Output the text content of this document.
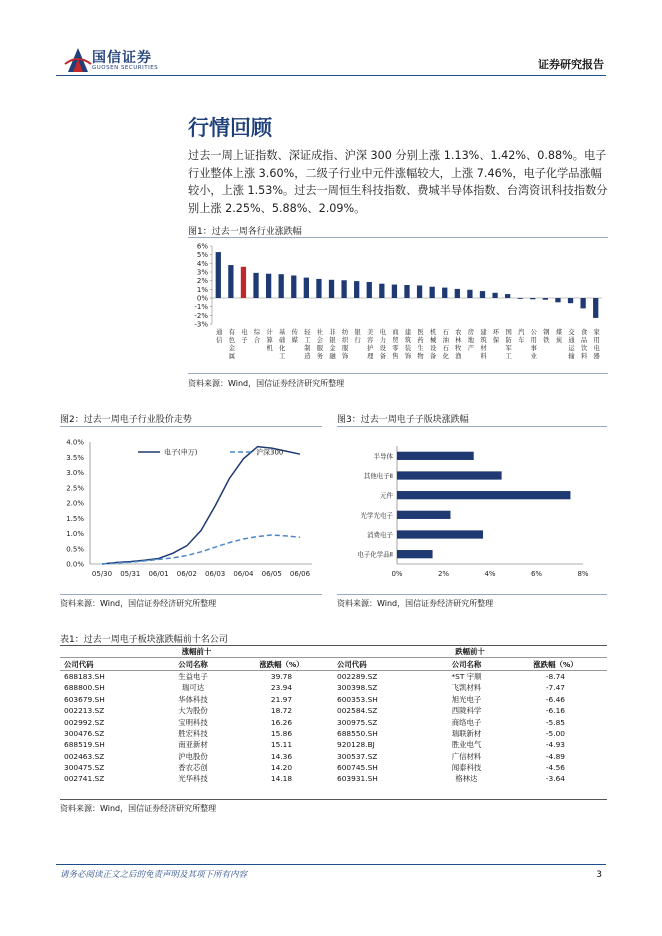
国信证券
GUOSEN SECURITIES	证券研究报告
行情回顾
过去一周上证指数、深证成指、沪深 300 分别上涨 1.13%、1.42%、0.88%。电子行业整体上涨 3.60%，二级子行业中元件涨幅较大，上涨 7.46%，电子化学品涨幅较小，上涨 1.53%。过去一周恒生科技指数、费城半导体指数、台湾资讯科技指数分别上涨 2.25%、5.88%、2.09%。
图1：过去一周各行业涨跌幅
6%
5%
4%
3%
2%
1%
0%
-1%
-2%
-3%
通信
有色金属
电子
综合
计算机
基础化工
传媒
轻工制造
社会服务
非银金融
纺织服饰
银行
美容护理
电力设备
商贸零售
建筑装饰
医药生物
机械设备
石油石化
农林牧渔
房地产
建筑材料
环保
国防军工
汽车
公用事业
钢铁
煤炭
交通运输
食品饮料
家用电器
资料来源：Wind，国信证券经济研究所整理
图2：过去一周电子行业股价走势
4.0%
3.5%
3.0%
2.5%
2.0%
1.5%
1.0%
0.5%
0.0%
05/30 05/31 06/01 06/02 06/03 06/04 06/05 06/06
电子(申万)	沪深300
资料来源：Wind，国信证券经济研究所整理
图3：过去一周电子子版块涨跌幅
0%	2%	4%	6%	8%
半导体
其他电子Ⅱ
元件
光学光电子
消费电子
电子化学品Ⅱ
资料来源：Wind，国信证券经济研究所整理
表1：过去一周电子板块涨跌幅前十名公司
涨幅前十			跌幅前十		
公司代码	公司名称	涨跌幅（%）	公司代码	公司名称	涨跌幅（%）
688183.SH	生益电子	39.78	002289.SZ	*ST 宇顺	-8.74
688800.SH	瑞可达	23.94	300398.SZ	飞凯材料	-7.47
603679.SH	华体科技	21.97	600353.SH	旭光电子	-6.46
002213.SZ	大为股份	18.72	002584.SZ	西陇科学	-6.16
002992.SZ	宝明科技	16.26	300975.SZ	商络电子	-5.85
300476.SZ	胜宏科技	15.86	688550.SH	瑞联新材	-5.00
688519.SH	南亚新材	15.11	920128.BJ	胜业电气	-4.93
002463.SZ	沪电股份	14.36	300537.SZ	广信材料	-4.89
300475.SZ	香农芯创	14.20	600745.SH	闻泰科技	-4.56
002741.SZ	光华科技	14.18	603931.SH	格林达	-3.64
资料来源：Wind，国信证券经济研究所整理
请务必阅读正文之后的免责声明及其项下所有内容	3
